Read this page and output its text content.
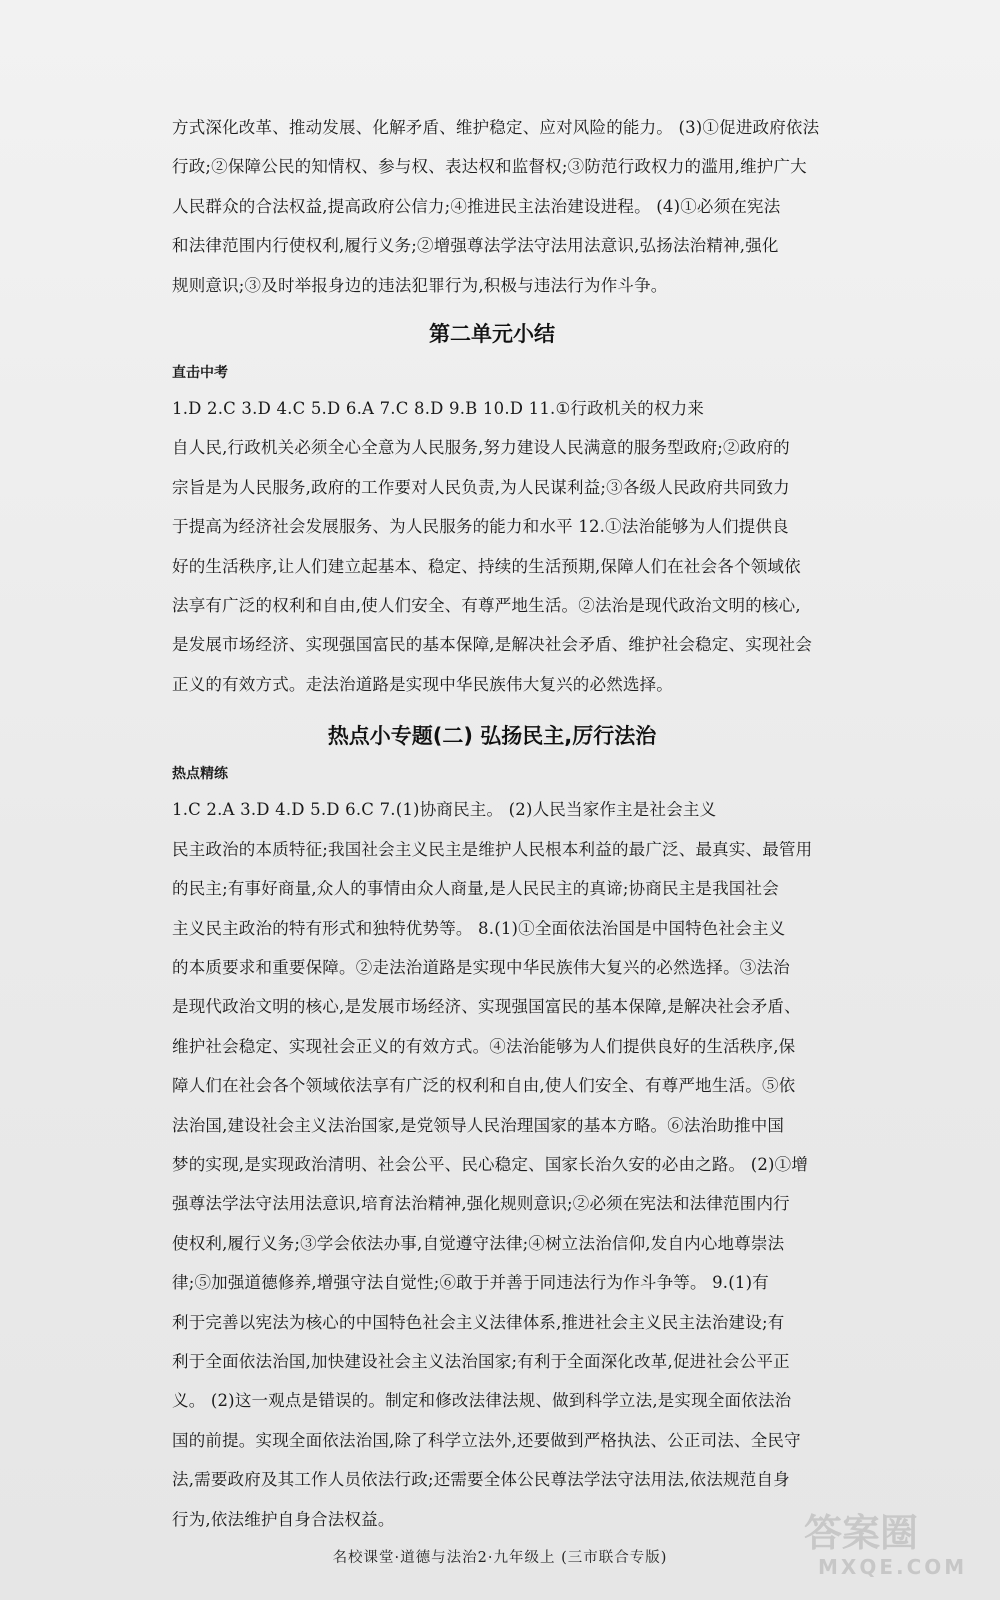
方式深化改革、推动发展、化解矛盾、维护稳定、应对风险的能力。 (3)①促进政府依法
行政;②保障公民的知情权、参与权、表达权和监督权;③防范行政权力的滥用,维护广大
人民群众的合法权益,提高政府公信力;④推进民主法治建设进程。 (4)①必须在宪法
和法律范围内行使权利,履行义务;②增强尊法学法守法用法意识,弘扬法治精神,强化
规则意识;③及时举报身边的违法犯罪行为,积极与违法行为作斗争。
第二单元小结
直击中考
1.D 2.C 3.D 4.C 5.D 6.A 7.C 8.D 9.B 10.D 11.①行政机关的权力来
自人民,行政机关必须全心全意为人民服务,努力建设人民满意的服务型政府;②政府的
宗旨是为人民服务,政府的工作要对人民负责,为人民谋利益;③各级人民政府共同致力
于提高为经济社会发展服务、为人民服务的能力和水平 12.①法治能够为人们提供良
好的生活秩序,让人们建立起基本、稳定、持续的生活预期,保障人们在社会各个领域依
法享有广泛的权利和自由,使人们安全、有尊严地生活。②法治是现代政治文明的核心,
是发展市场经济、实现强国富民的基本保障,是解决社会矛盾、维护社会稳定、实现社会
正义的有效方式。走法治道路是实现中华民族伟大复兴的必然选择。
热点小专题(二) 弘扬民主,厉行法治
热点精练
1.C 2.A 3.D 4.D 5.D 6.C 7.(1)协商民主。 (2)人民当家作主是社会主义
民主政治的本质特征;我国社会主义民主是维护人民根本利益的最广泛、最真实、最管用
的民主;有事好商量,众人的事情由众人商量,是人民民主的真谛;协商民主是我国社会
主义民主政治的特有形式和独特优势等。 8.(1)①全面依法治国是中国特色社会主义
的本质要求和重要保障。②走法治道路是实现中华民族伟大复兴的必然选择。③法治
是现代政治文明的核心,是发展市场经济、实现强国富民的基本保障,是解决社会矛盾、
维护社会稳定、实现社会正义的有效方式。④法治能够为人们提供良好的生活秩序,保
障人们在社会各个领域依法享有广泛的权利和自由,使人们安全、有尊严地生活。⑤依
法治国,建设社会主义法治国家,是党领导人民治理国家的基本方略。⑥法治助推中国
梦的实现,是实现政治清明、社会公平、民心稳定、国家长治久安的必由之路。 (2)①增
强尊法学法守法用法意识,培育法治精神,强化规则意识;②必须在宪法和法律范围内行
使权利,履行义务;③学会依法办事,自觉遵守法律;④树立法治信仰,发自内心地尊崇法
律;⑤加强道德修养,增强守法自觉性;⑥敢于并善于同违法行为作斗争等。 9.(1)有
利于完善以宪法为核心的中国特色社会主义法律体系,推进社会主义民主法治建设;有
利于全面依法治国,加快建设社会主义法治国家;有利于全面深化改革,促进社会公平正
义。 (2)这一观点是错误的。制定和修改法律法规、做到科学立法,是实现全面依法治
国的前提。实现全面依法治国,除了科学立法外,还要做到严格执法、公正司法、全民守
法,需要政府及其工作人员依法行政;还需要全体公民尊法学法守法用法,依法规范自身
行为,依法维护自身合法权益。
名校课堂·道德与法治2·九年级上 (三市联合专版)
答案圈
MXQE.COM
